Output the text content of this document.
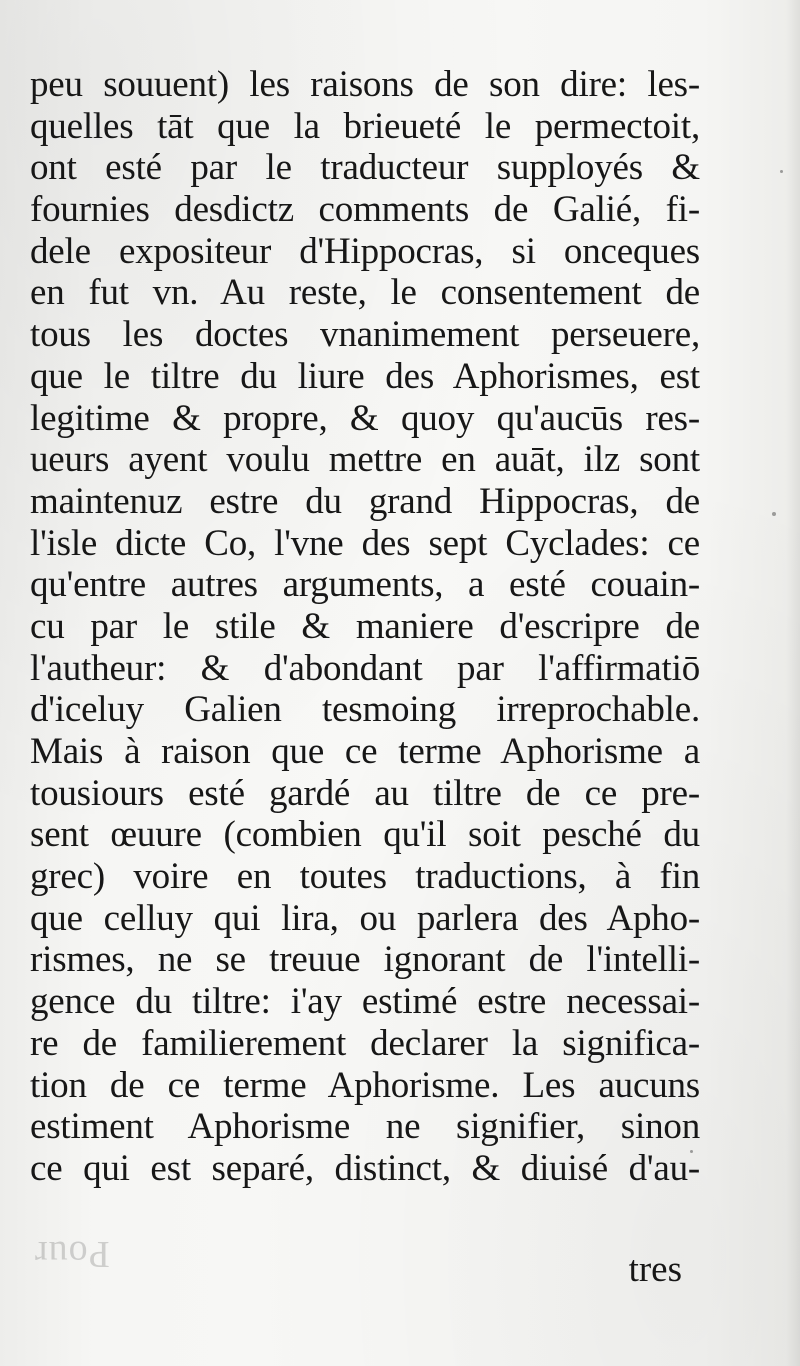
Pour
peu souuent) les raisons de son dire: les-
quelles tāt que la brieueté le permectoit,
ont esté par le traducteur supployés &
fournies desdictz comments de Galié, fi-
dele expositeur d'Hippocras, si onceques
en fut vn. Au reste, le consentement de
tous les doctes vnanimement perseuere,
que le tiltre du liure des Aphorismes, est
legitime & propre, & quoy qu'aucūs res-
ueurs ayent voulu mettre en auāt, ilz sont
maintenuz estre du grand Hippocras, de
l'isle dicte Co, l'vne des sept Cyclades: ce
qu'entre autres arguments, a esté couain-
cu par le stile & maniere d'escripre de
l'autheur: & d'abondant par l'affirmatiō
d'iceluy Galien tesmoing irreprochable.
Mais à raison que ce terme Aphorisme a
tousiours esté gardé au tiltre de ce pre-
sent œuure (combien qu'il soit pesché du
grec) voire en toutes traductions, à fin
que celluy qui lira, ou parlera des Apho-
rismes, ne se treuue ignorant de l'intelli-
gence du tiltre: i'ay estimé estre necessai-
re de familierement declarer la significa-
tion de ce terme Aphorisme. Les aucuns
estiment Aphorisme ne signifier, sinon
ce qui est separé, distinct, & diuisé d'au-
tres
